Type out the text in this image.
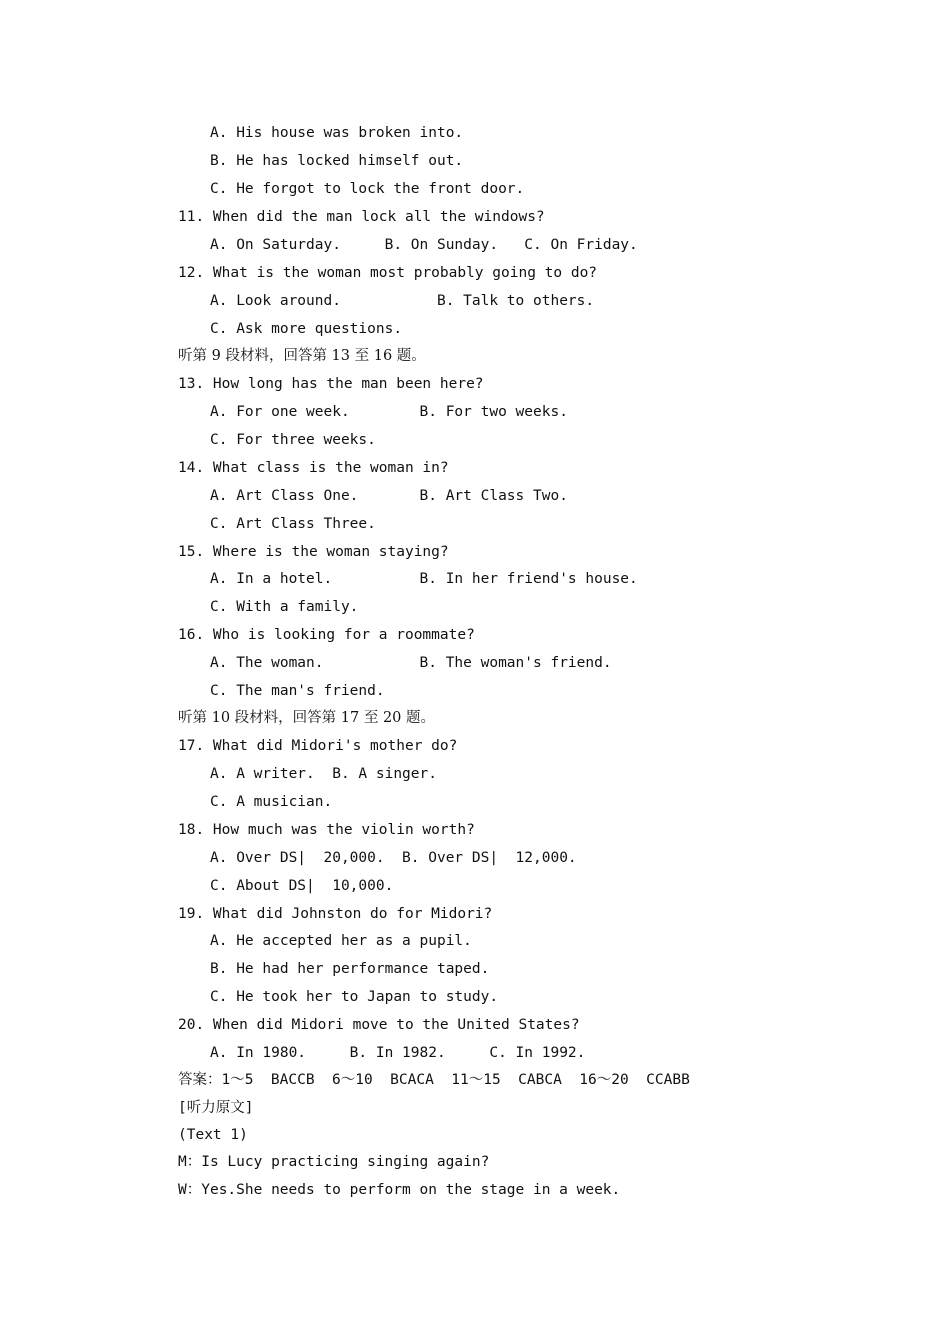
A. His house was broken into.
B. He has locked himself out.
C. He forgot to lock the front door.
11. When did the man lock all the windows?
A. On Saturday.     B. On Sunday.   C. On Friday.
12. What is the woman most probably going to do?
A. Look around.           B. Talk to others.
C. Ask more questions.
听第 9 段材料，回答第 13 至 16 题。
13. How long has the man been here?
A. For one week.        B. For two weeks.
C. For three weeks.
14. What class is the woman in?
A. Art Class One.       B. Art Class Two.
C. Art Class Three.
15. Where is the woman staying?
A. In a hotel.          B. In her friend's house.
C. With a family.
16. Who is looking for a roommate?
A. The woman.           B. The woman's friend.
C. The man's friend.
听第 10 段材料，回答第 17 至 20 题。
17. What did Midori's mother do?
A. A writer.  B. A singer.
C. A musician.
18. How much was the violin worth?
A. Over DS|  20,000.  B. Over DS|  12,000.
C. About DS|  10,000.
19. What did Johnston do for Midori?
A. He accepted her as a pupil.
B. He had her performance taped.
C. He took her to Japan to study.
20. When did Midori move to the United States?
A. In 1980.     B. In 1982.     C. In 1992.
答案：1～5  BACCB  6～10  BCACA  11～15  CABCA  16～20  CCABB
[听力原文]
(Text 1)
M：Is Lucy practicing singing again?
W：Yes.She needs to perform on the stage in a week.
